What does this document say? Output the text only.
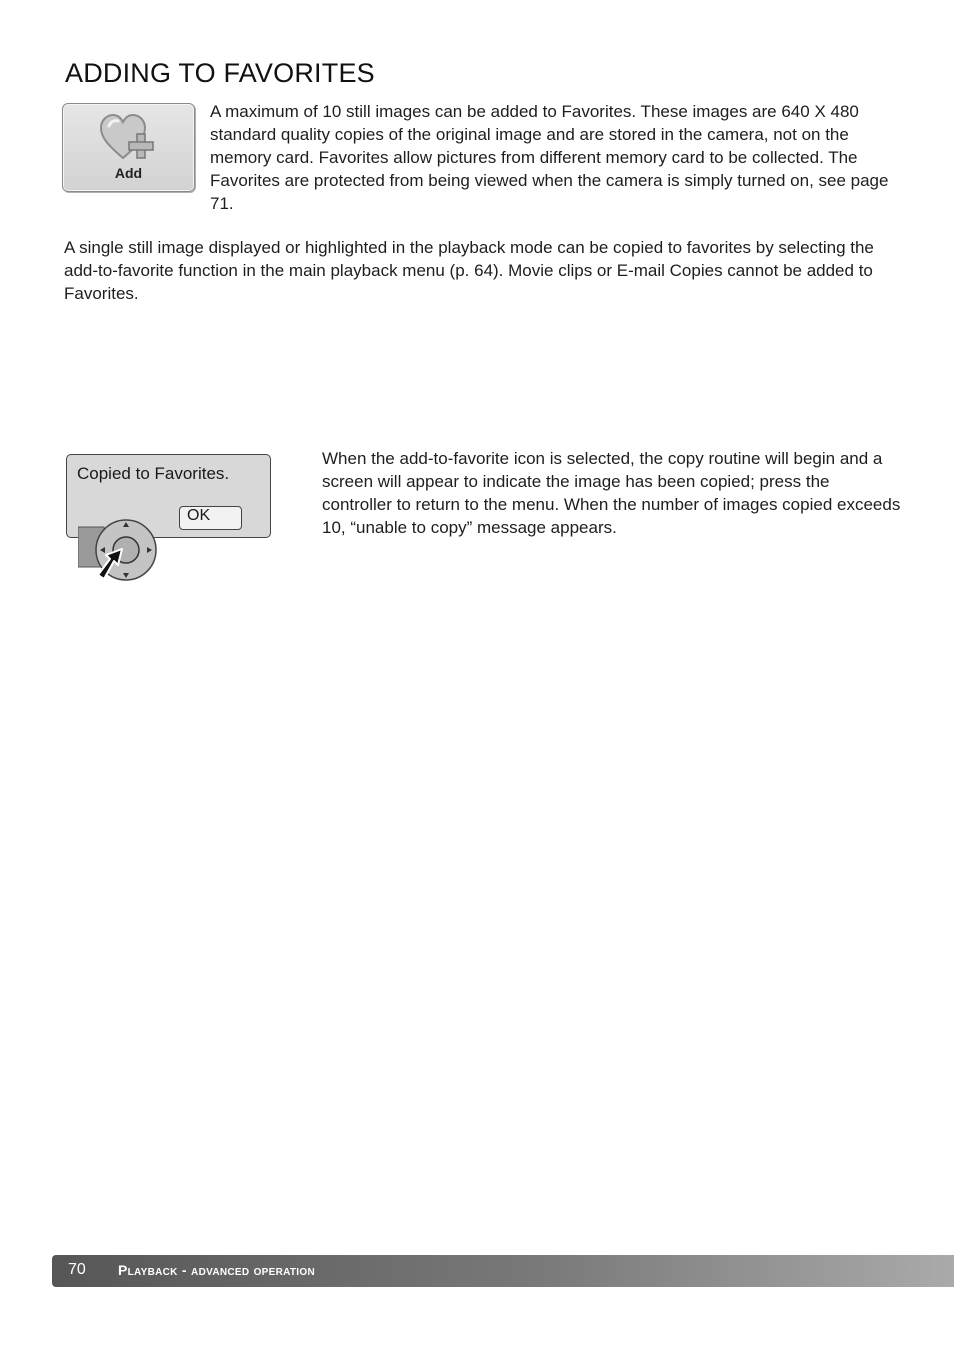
ADDING TO FAVORITES
Add

A maximum of 10 still images can be added to Favorites. These images are 640 X 480 standard quality copies of the original image and are stored in the camera, not on the memory card. Favorites allow pictures from different memory card to be collected. The Favorites are protected from being viewed when the camera is simply turned on, see page 71.

A single still image displayed or highlighted in the playback mode can be copied to favorites by selecting the add-to-favorite function in the main playback menu (p. 64). Movie clips or E-mail Copies cannot be added to Favorites.

Copied to Favorites.
OK

When the add-to-favorite icon is selected, the copy routine will begin and a screen will appear to indicate the image has been copied; press the controller to return to the menu. When the number of images copied exceeds 10, “unable to copy” message appears.

70 Playback - advanced operation
